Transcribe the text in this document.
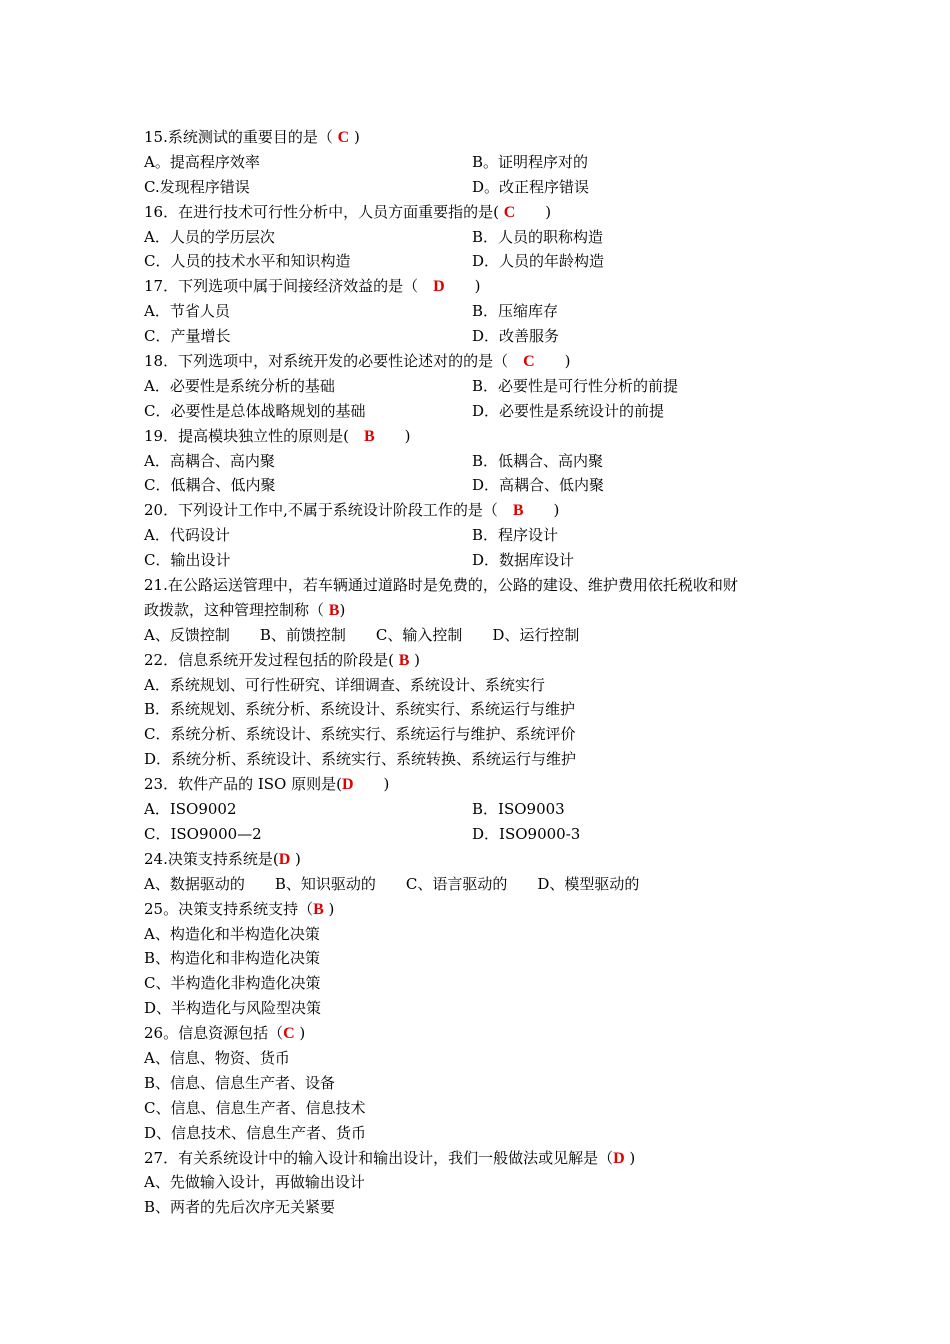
15.系统测试的重要目的是（ C )
A。提高程序效率	B。证明程序对的
C.发现程序错误	D。改正程序错误
16．在进行技术可行性分析中，人员方面重要指的是( C  )
A．人员的学历层次	B．人员的职称构造
C．人员的技术水平和知识构造	D．人员的年龄构造
17．下列选项中属于间接经济效益的是（ D  )
A．节省人员	B．压缩库存
C．产量增长	D．改善服务
18．下列选项中，对系统开发的必要性论述对的的是（ C  )
A．必要性是系统分析的基础	B．必要性是可行性分析的前提
C．必要性是总体战略规划的基础	D．必要性是系统设计的前提
19．提高模块独立性的原则是( B  )
A．高耦合、高内聚	B．低耦合、高内聚
C．低耦合、低内聚	D．高耦合、低内聚
20．下列设计工作中,不属于系统设计阶段工作的是（ B  )
A．代码设计	B．程序设计
C．输出设计	D．数据库设计
21.在公路运送管理中，若车辆通过道路时是免费的，公路的建设、维护费用依托税收和财
政拨款，这种管理控制称（ B)
A、反馈控制  B、前馈控制  C、输入控制  D、运行控制
22．信息系统开发过程包括的阶段是( B )
A．系统规划、可行性研究、详细调查、系统设计、系统实行
B．系统规划、系统分析、系统设计、系统实行、系统运行与维护
C．系统分析、系统设计、系统实行、系统运行与维护、系统评价
D．系统分析、系统设计、系统实行、系统转换、系统运行与维护
23．软件产品的 ISO 原则是(D  )
A．ISO9002	B．ISO9003
C．ISO9000—2	D．ISO9000-3
24.决策支持系统是(D )
A、数据驱动的  B、知识驱动的  C、语言驱动的  D、模型驱动的
25。决策支持系统支持（B )
A、构造化和半构造化决策
B、构造化和非构造化决策
C、半构造化非构造化决策
D、半构造化与风险型决策
26。信息资源包括（C )
A、信息、物资、货币
B、信息、信息生产者、设备
C、信息、信息生产者、信息技术
D、信息技术、信息生产者、货币
27．有关系统设计中的输入设计和输出设计，我们一般做法或见解是（D )
A、先做输入设计，再做输出设计
B、两者的先后次序无关紧要
